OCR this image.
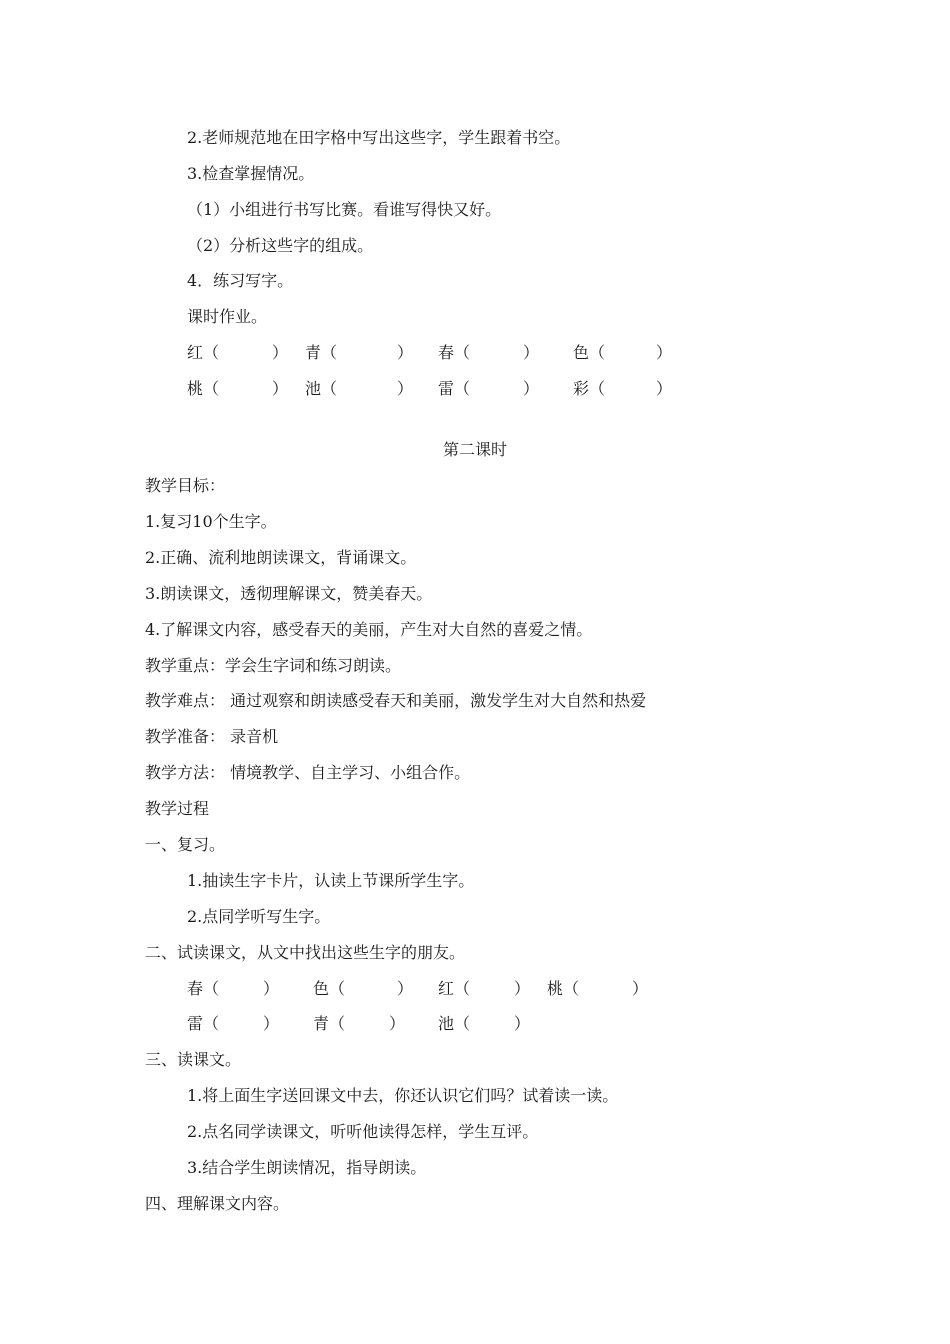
2.老师规范地在田字格中写出这些字，学生跟着书空。
3.检查掌握情况。
（1）小组进行书写比赛。看谁写得快又好。
（2）分析这些字的组成。
4．练习写字。
课时作业。
红（	） 青（	） 春（	） 色（	）
桃（	） 池（	） 雷（	） 彩（	）
第二课时
教学目标：
1.复习10个生字。
2.正确、流利地朗读课文，背诵课文。
3.朗读课文，透彻理解课文，赞美春天。
4.了解课文内容，感受春天的美丽，产生对大自然的喜爱之情。
教学重点：学会生字词和练习朗读。
教学难点： 通过观察和朗读感受春天和美丽，激发学生对大自然和热爱
教学准备： 录音机
教学方法： 情境教学、自主学习、小组合作。
教学过程
一、复习。
1.抽读生字卡片，认读上节课所学生字。
2.点同学听写生字。
二、试读课文，从文中找出这些生字的朋友。
春（	） 色（	） 红（	） 桃（	）
雷（	） 青（	） 池（	）
三、读课文。
1.将上面生字送回课文中去，你还认识它们吗？试着读一读。
2.点名同学读课文，听听他读得怎样，学生互评。
3.结合学生朗读情况，指导朗读。
四、理解课文内容。
